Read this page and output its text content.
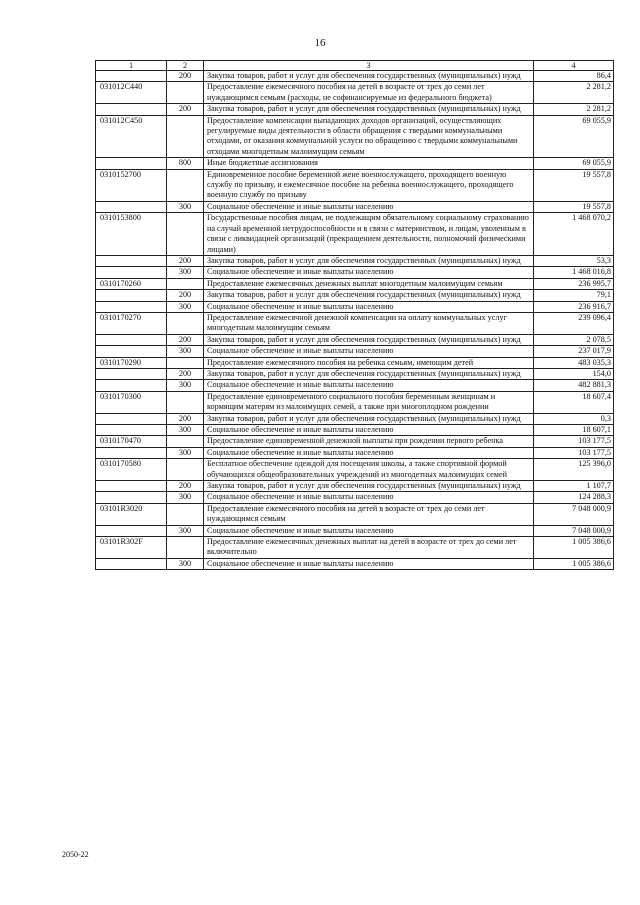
16
1	2	3	4
	200	Закупка товаров, работ и услуг для обеспечения государственных (муниципальных) нужд	86,4
031012С440		Предоставление ежемесячного пособия на детей в возрасте от трех до семи лет нуждающимся семьям (расходы, не софинансируемые из федерального бюджета)	2 281,2
	200	Закупка товаров, работ и услуг для обеспечения государственных (муниципальных) нужд	2 281,2
031012С450		Предоставление компенсации выпадающих доходов организаций, осуществляющих регулируемые виды деятельности в области обращения с твердыми коммунальными отходами, от оказания коммунальной услуги по обращению с твердыми коммунальными отходами многодетным малоимущим семьям	69 055,9
	800	Иные бюджетные ассигнования	69 055,9
0310152700		Единовременное пособие беременной жене военнослужащего, проходящего военную службу по призыву, и ежемесячное пособие на ребенка военнослужащего, проходящего военную службу по призыву	19 557,8
	300	Социальное обеспечение и иные выплаты населению	19 557,8
0310153800		Государственные пособия лицам, не подлежащим обязательному социальному страхованию на случай временной нетрудоспособности и в связи с материнством, и лицам, уволенным в связи с ликвидацией организаций (прекращением деятельности, полномочий физическими лицами)	1 468 070,2
	200	Закупка товаров, работ и услуг для обеспечения государственных (муниципальных) нужд	53,3
	300	Социальное обеспечение и иные выплаты населению	1 468 016,8
0310170260		Предоставление ежемесячных денежных выплат многодетным малоимущим семьям	236 995,7
	200	Закупка товаров, работ и услуг для обеспечения государственных (муниципальных) нужд	79,1
	300	Социальное обеспечение и иные выплаты населению	236 916,7
0310170270		Предоставление ежемесячной денежной компенсации на оплату коммунальных услуг многодетным малоимущим семьям	239 096,4
	200	Закупка товаров, работ и услуг для обеспечения государственных (муниципальных) нужд	2 078,5
	300	Социальное обеспечение и иные выплаты населению	237 017,9
0310170290		Предоставление ежемесячного пособия на ребенка семьям, имеющим детей	483 035,3
	200	Закупка товаров, работ и услуг для обеспечения государственных (муниципальных) нужд	154,0
	300	Социальное обеспечение и иные выплаты населению	482 881,3
0310170300		Предоставление единовременного социального пособия беременным женщинам и кормящим матерям из малоимущих семей, а также при многоплодном рождении	18 607,4
	200	Закупка товаров, работ и услуг для обеспечения государственных (муниципальных) нужд	0,3
	300	Социальное обеспечение и иные выплаты населению	18 607,1
0310170470		Предоставление единовременной денежной выплаты при рождении первого ребенка	103 177,5
	300	Социальное обеспечение и иные выплаты населению	103 177,5
0310170580		Бесплатное обеспечение одеждой для посещения школы, а также спортивной формой обучающихся общеобразовательных учреждений из многодетных малоимущих семей	125 396,0
	200	Закупка товаров, работ и услуг для обеспечения государственных (муниципальных) нужд	1 107,7
	300	Социальное обеспечение и иные выплаты населению	124 288,3
03101R3020		Предоставление ежемесячного пособия на детей в возрасте от трех до семи лет нуждающимся семьям	7 048 000,9
	300	Социальное обеспечение и иные выплаты населению	7 048 000,9
03101R302F		Предоставление ежемесячных денежных выплат на детей в возрасте от трех до семи лет включительно	1 005 386,6
	300	Социальное обеспечение и иные выплаты населению	1 005 386,6
2050-22
